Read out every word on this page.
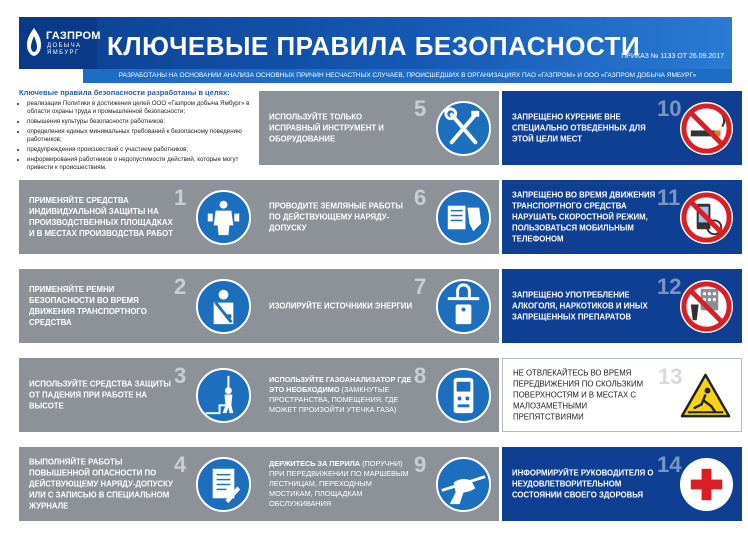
ГАЗПРОМ
ДОБЫЧА ЯМБУРГ	КЛЮЧЕВЫЕ ПРАВИЛА БЕЗОПАСНОСТИ
ПРИКАЗ № 1133 ОТ 26.09.2017
РАЗРАБОТАНЫ НА ОСНОВАНИИ АНАЛИЗА ОСНОВНЫХ ПРИЧИН НЕСЧАСТНЫХ СЛУЧАЕВ, ПРОИСШЕДШИХ В ОРГАНИЗАЦИЯХ ПАО «ГАЗПРОМ» И ООО «ГАЗПРОМ ДОБЫЧА ЯМБУРГ»
Ключевые правила безопасности разработаны в целях:
• реализации Политики в достижения целей ООО «Газпром добыча Ямбург» в области охраны труда и промышленной безопасности;
• повышения культуры безопасности работников;
• определения единых минимальных требований к безопасному поведению работников;
• предупреждения происшествий с участием работников;
• информирования работников о недопустимости действий, которые могут привести к происшествиям.
ПРИМЕНЯЙТЕ СРЕДСТВА ИНДИВИДУАЛЬНОЙ ЗАЩИТЫ НА ПРОИЗВОДСТВЕННЫХ ПЛОЩАДКАХ И В МЕСТАХ ПРОИЗВОДСТВА РАБОТ
1
ПРИМЕНЯЙТЕ РЕМНИ БЕЗОПАСНОСТИ ВО ВРЕМЯ ДВИЖЕНИЯ ТРАНСПОРТНОГО СРЕДСТВА
2
ИСПОЛЬЗУЙТЕ СРЕДСТВА ЗАЩИТЫ ОТ ПАДЕНИЯ ПРИ РАБОТЕ НА ВЫСОТЕ
3
ВЫПОЛНЯЙТЕ РАБОТЫ ПОВЫШЕННОЙ ОПАСНОСТИ ПО ДЕЙСТВУЮЩЕМУ НАРЯДУ-ДОПУСКУ ИЛИ С ЗАПИСЬЮ В СПЕЦИАЛЬНОМ ЖУРНАЛЕ
4
ИСПОЛЬЗУЙТЕ ТОЛЬКО ИСПРАВНЫЙ ИНСТРУМЕНТ И ОБОРУДОВАНИЕ
5
ПРОВОДИТЕ ЗЕМЛЯНЫЕ РАБОТЫ ПО ДЕЙСТВУЮЩЕМУ НАРЯДУ-ДОПУСКУ
6
ИЗОЛИРУЙТЕ ИСТОЧНИКИ ЭНЕРГИИ
7
ИСПОЛЬЗУЙТЕ ГАЗОАНАЛИЗАТОР ГДЕ ЭТО НЕОБХОДИМО (ЗАМКНУТЫЕ ПРОСТРАНСТВА, ПОМЕЩЕНИЯ, ГДЕ МОЖЕТ ПРОИЗОЙТИ УТЕЧКА ГАЗА)
8
ДЕРЖИТЕСЬ ЗА ПЕРИЛА (ПОРУЧНИ) ПРИ ПЕРЕДВИЖЕНИИ ПО МАРШЕВЫМ ЛЕСТНИЦАМ, ПЕРЕХОДНЫМ МОСТИКАМ, ПЛОЩАДКАМ ОБСЛУЖИВАНИЯ
9
ЗАПРЕЩЕНО КУРЕНИЕ ВНЕ СПЕЦИАЛЬНО ОТВЕДЕННЫХ ДЛЯ ЭТОЙ ЦЕЛИ МЕСТ
10
ЗАПРЕЩЕНО ВО ВРЕМЯ ДВИЖЕНИЯ ТРАНСПОРТНОГО СРЕДСТВА НАРУШАТЬ СКОРОСТНОЙ РЕЖИМ, ПОЛЬЗОВАТЬСЯ МОБИЛЬНЫМ ТЕЛЕФОНОМ
11
ЗАПРЕЩЕНО УПОТРЕБЛЕНИЕ АЛКОГОЛЯ, НАРКОТИКОВ И ИНЫХ ЗАПРЕЩЕННЫХ ПРЕПАРАТОВ
12
НЕ ОТВЛЕКАЙТЕСЬ ВО ВРЕМЯ ПЕРЕДВИЖЕНИЯ ПО СКОЛЬЗКИМ ПОВЕРХНОСТЯМ И В МЕСТАХ С МАЛОЗАМЕТНЫМИ ПРЕПЯТСТВИЯМИ
13
ИНФОРМИРУЙТЕ РУКОВОДИТЕЛЯ О НЕУДОВЛЕТВОРИТЕЛЬНОМ СОСТОЯНИИ СВОЕГО ЗДОРОВЬЯ
14
